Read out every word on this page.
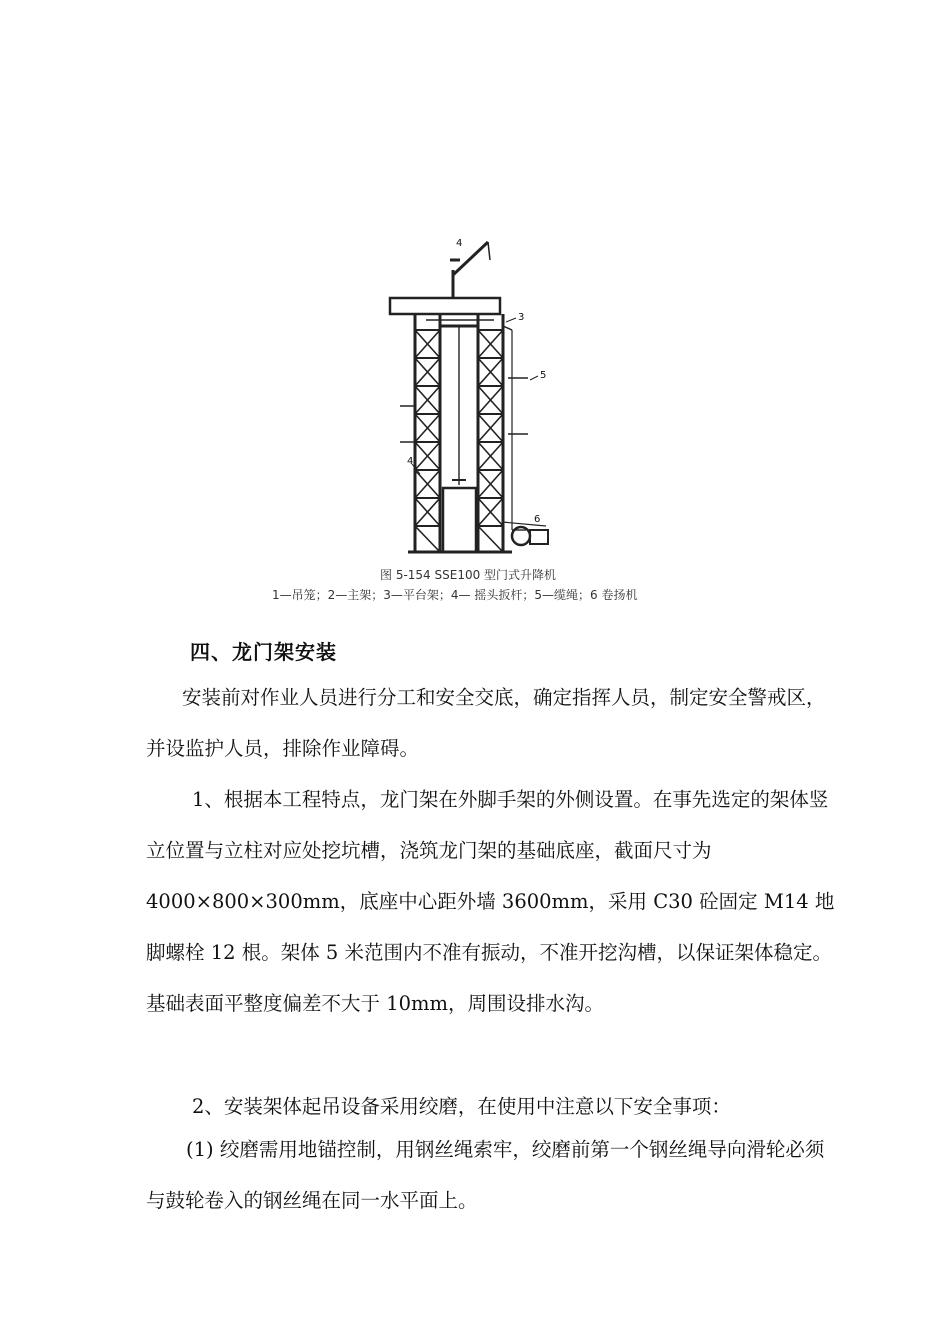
4
3
5
4
6
图 5-154 SSE100 型门式升降机
1—吊笼；2—主架；3—平台架；4— 摇头扳杆；5—缆绳；6 卷扬机
四、龙门架安装

安装前对作业人员进行分工和安全交底，确定指挥人员，制定安全警戒区，并设监护人员，排除作业障碍。

1、根据本工程特点，龙门架在外脚手架的外侧设置。在事先选定的架体竖立位置与立柱对应处挖坑槽，浇筑龙门架的基础底座，截面尺寸为 4000×800×300mm，底座中心距外墙 3600mm，采用 C30 砼固定 M14 地脚螺栓 12 根。架体 5 米范围内不准有振动，不准开挖沟槽，以保证架体稳定。基础表面平整度偏差不大于 10mm，周围设排水沟。

2、安装架体起吊设备采用绞磨，在使用中注意以下安全事项：

(1) 绞磨需用地锚控制，用钢丝绳索牢，绞磨前第一个钢丝绳导向滑轮必须与鼓轮卷入的钢丝绳在同一水平面上。
